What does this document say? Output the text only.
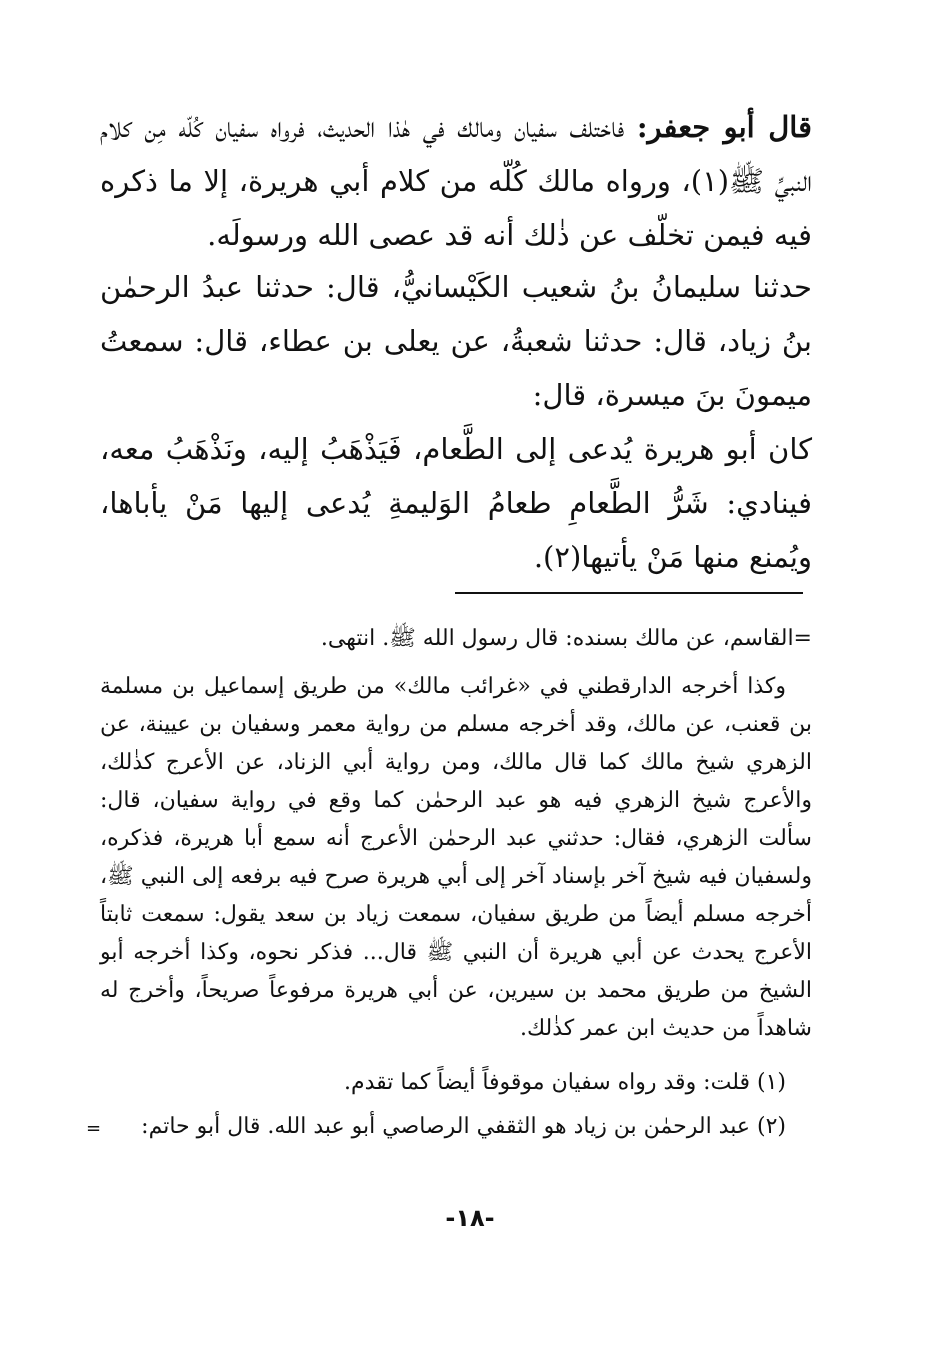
قال أبو جعفر: فاختلف سفيان ومالك في هٰذا الحديث، فرواه سفيان كُلّه مِن كلام النبيِّ ﷺ(١)، ورواه مالك كُلّه من كلام أبي هريرة، إلا ما ذكره فيه فيمن تخلّف عن ذٰلك أنه قد عصى الله ورسولَه.

حدثنا سليمانُ بنُ شعيب الكَيْسانيُّ، قال: حدثنا عبدُ الرحمٰن بنُ زياد، قال: حدثنا شعبةُ، عن يعلى بن عطاء، قال: سمعتُ ميمونَ بنَ ميسرة، قال:

كان أبو هريرة يُدعى إلى الطَّعام، فَيَذْهَبُ إليه، ونَذْهَبُ معه، فينادي: شَرُّ الطَّعامِ طعامُ الوَليمةِ يُدعى إليها مَنْ يأباها، ويُمنع منها مَنْ يأتيها(٢).

=القاسم، عن مالك بسنده: قال رسول الله ﷺ. انتهى.

وكذا أخرجه الدارقطني في «غرائب مالك» من طريق إسماعيل بن مسلمة بن قعنب، عن مالك، وقد أخرجه مسلم من رواية معمر وسفيان بن عيينة، عن الزهري شيخ مالك كما قال مالك، ومن رواية أبي الزناد، عن الأعرج كذٰلك، والأعرج شيخ الزهري فيه هو عبد الرحمٰن كما وقع في رواية سفيان، قال: سألت الزهري، فقال: حدثني عبد الرحمٰن الأعرج أنه سمع أبا هريرة، فذكره، ولسفيان فيه شيخ آخر بإسناد آخر إلى أبي هريرة صرح فيه برفعه إلى النبي ﷺ، أخرجه مسلم أيضاً من طريق سفيان، سمعت زياد بن سعد يقول: سمعت ثابتاً الأعرج يحدث عن أبي هريرة أن النبي ﷺ قال... فذكر نحوه، وكذا أخرجه أبو الشيخ من طريق محمد بن سيرين، عن أبي هريرة مرفوعاً صريحاً، وأخرج له شاهداً من حديث ابن عمر كذٰلك.

(١) قلت: وقد رواه سفيان موقوفاً أيضاً كما تقدم.

(٢) عبد الرحمٰن بن زياد هو الثقفي الرصاصي أبو عبد الله. قال أبو حاتم:

=
-١٨-
